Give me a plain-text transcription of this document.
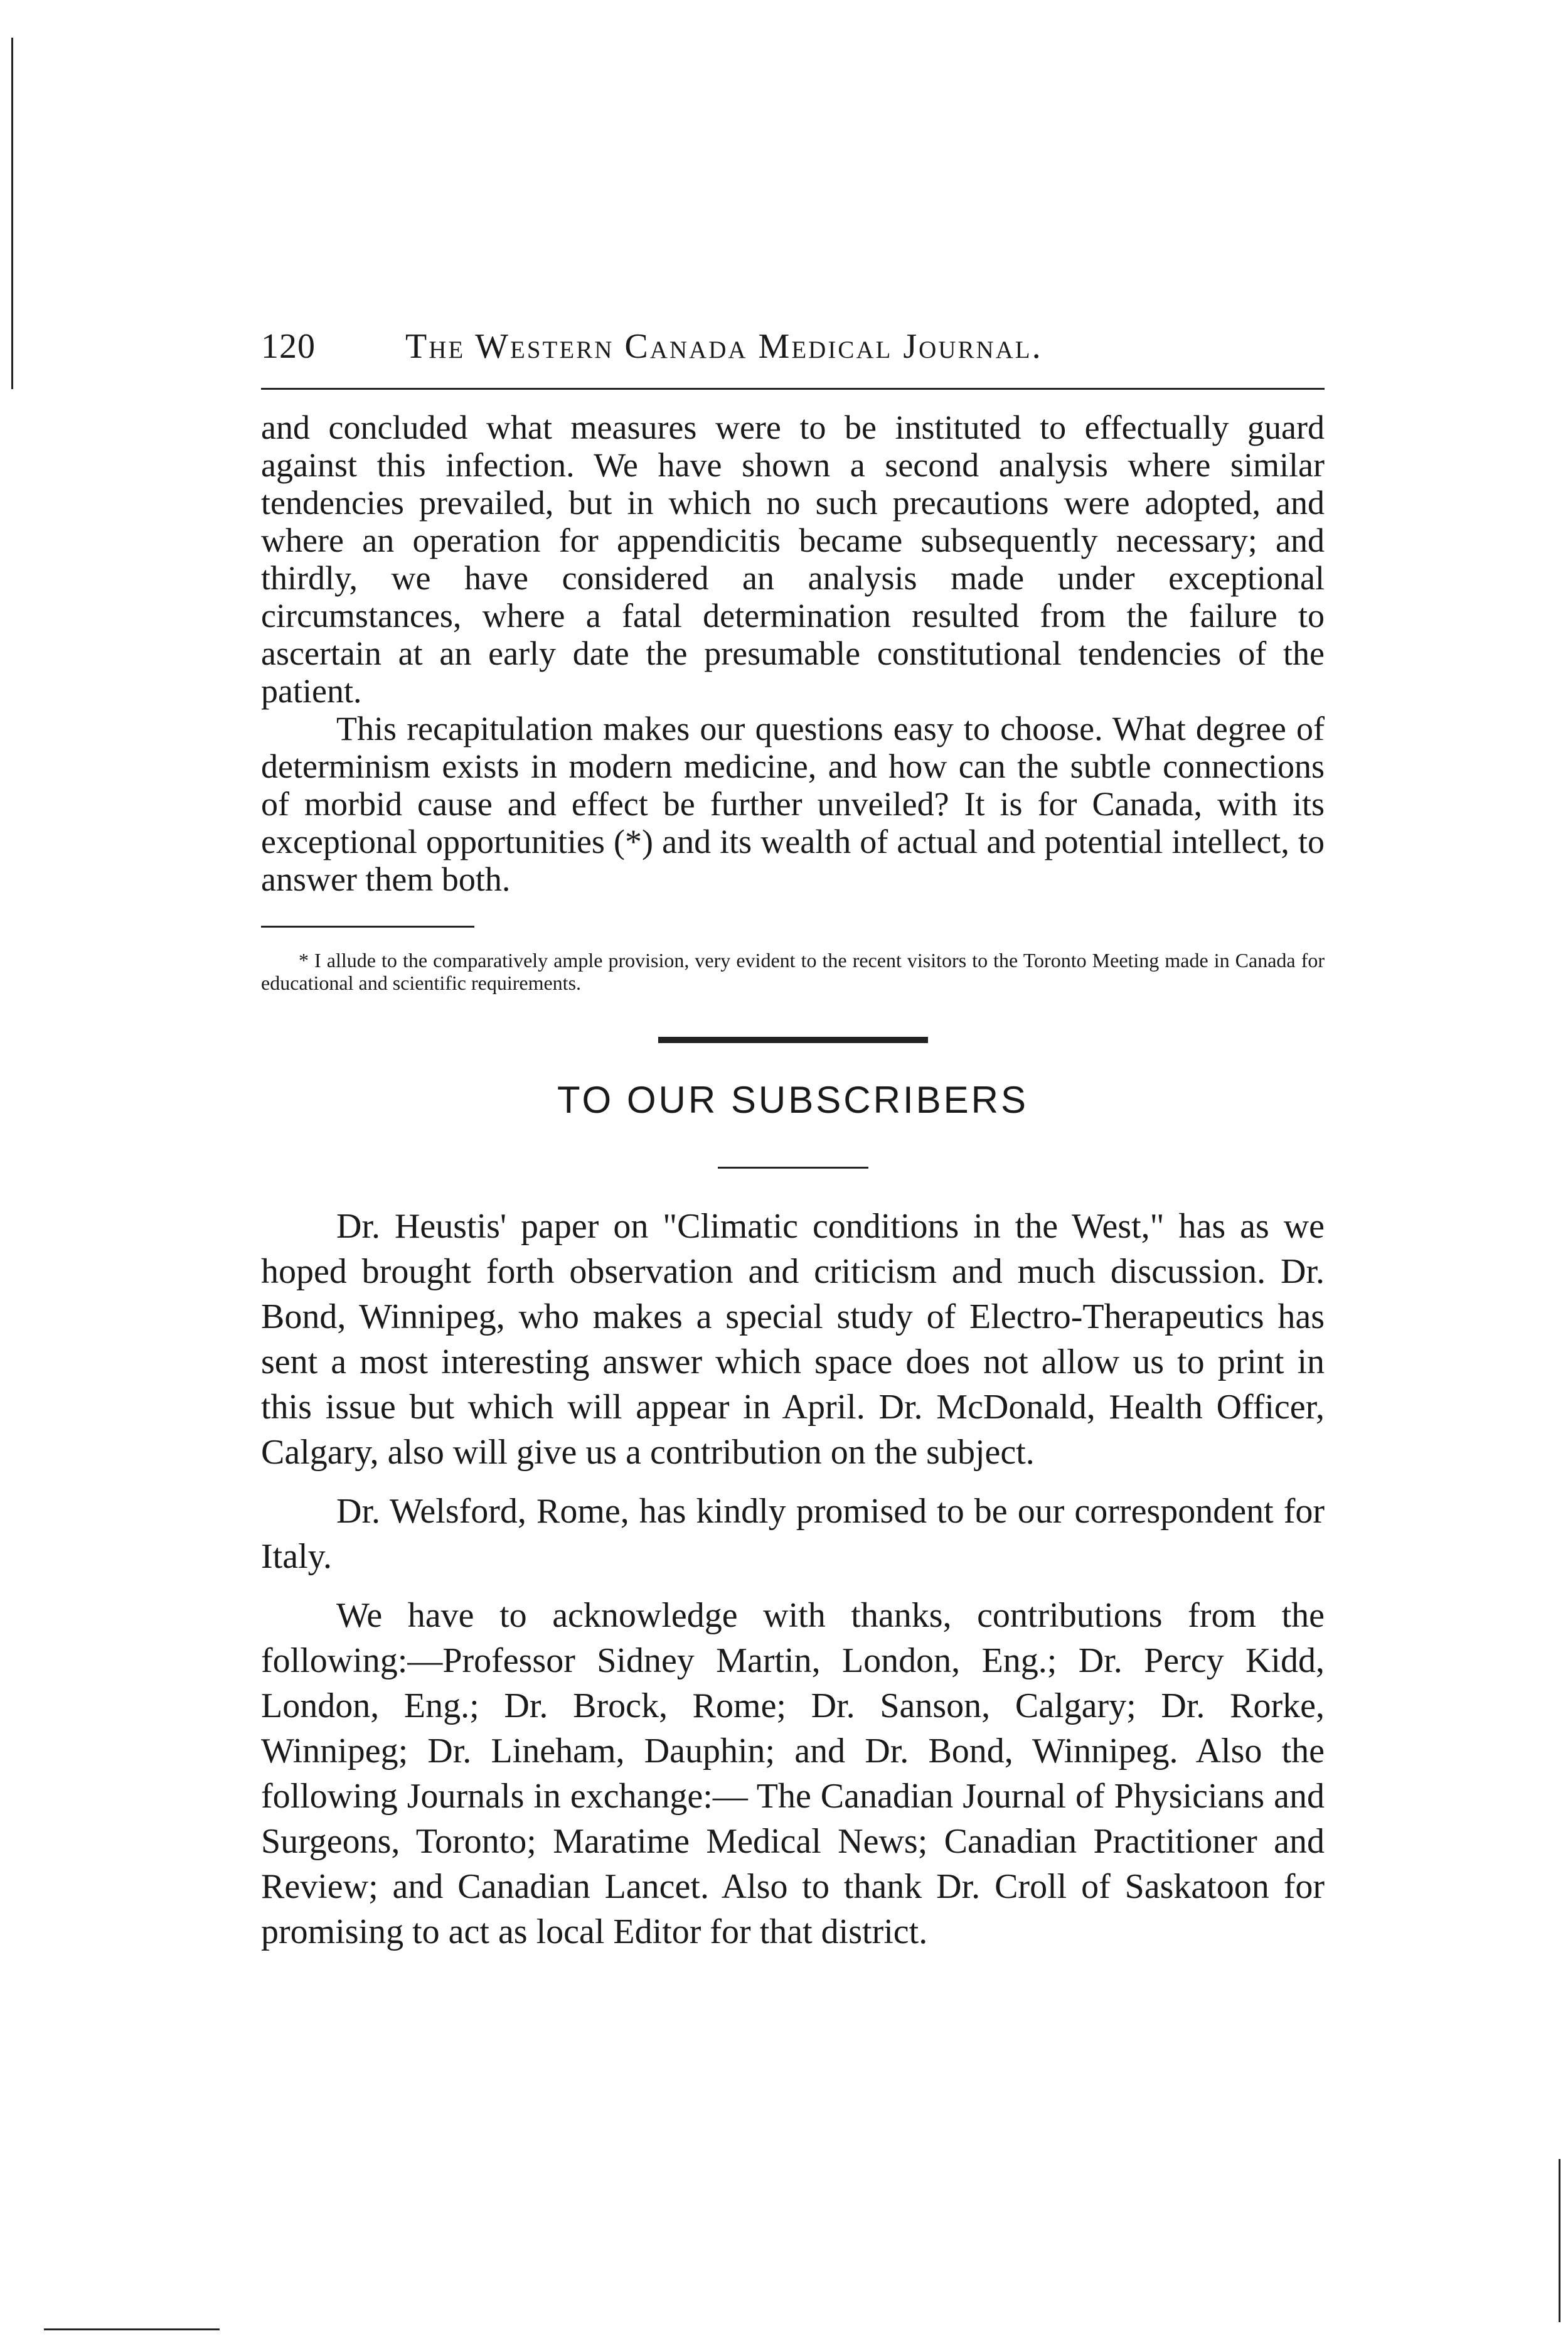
120	The Western Canada Medical Journal.

and concluded what measures were to be instituted to effectually guard against this infection. We have shown a second analysis where similar tendencies prevailed, but in which no such precautions were adopted, and where an operation for appendicitis became subsequently necessary; and thirdly, we have considered an analysis made under exceptional circumstances, where a fatal determination resulted from the failure to ascertain at an early date the presumable constitutional tendencies of the patient.

This recapitulation makes our questions easy to choose. What degree of determinism exists in modern medicine, and how can the subtle connections of morbid cause and effect be further unveiled? It is for Canada, with its exceptional opportunities (*) and its wealth of actual and potential intellect, to answer them both.

* I allude to the comparatively ample provision, very evident to the recent visitors to the Toronto Meeting made in Canada for educational and scientific requirements.

TO OUR SUBSCRIBERS

Dr. Heustis' paper on "Climatic conditions in the West," has as we hoped brought forth observation and criticism and much discussion. Dr. Bond, Winnipeg, who makes a special study of Electro-Therapeutics has sent a most interesting answer which space does not allow us to print in this issue but which will appear in April. Dr. McDonald, Health Officer, Calgary, also will give us a contribution on the subject.

Dr. Welsford, Rome, has kindly promised to be our correspondent for Italy.

We have to acknowledge with thanks, contributions from the following:—Professor Sidney Martin, London, Eng.; Dr. Percy Kidd, London, Eng.; Dr. Brock, Rome; Dr. Sanson, Calgary; Dr. Rorke, Winnipeg; Dr. Lineham, Dauphin; and Dr. Bond, Winnipeg. Also the following Journals in exchange:— The Canadian Journal of Physicians and Surgeons, Toronto; Maratime Medical News; Canadian Practitioner and Review; and Canadian Lancet. Also to thank Dr. Croll of Saskatoon for promising to act as local Editor for that district.
